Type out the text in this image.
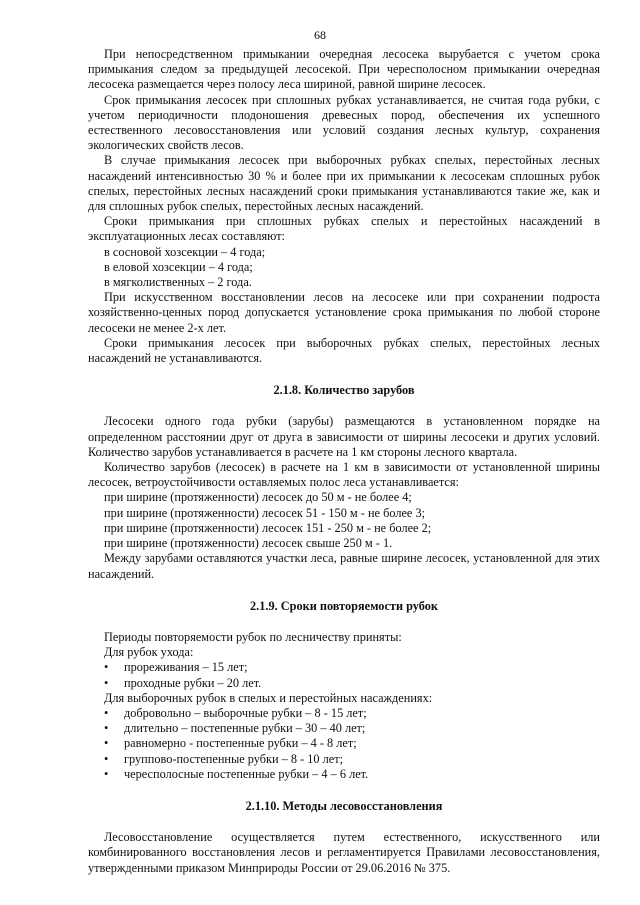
68

При непосредственном примыкании очередная лесосека вырубается с учетом срока примыкания следом за предыдущей лесосекой. При чересполосном примыкании очередная лесосека размещается через полосу леса шириной, равной ширине лесосек.

Срок примыкания лесосек при сплошных рубках устанавливается, не считая года рубки, с учетом периодичности плодоношения древесных пород, обеспечения их успешного естественного лесовосстановления или условий создания лесных культур, сохранения экологических свойств лесов.

В случае примыкания лесосек при выборочных рубках спелых, перестойных лесных насаждений интенсивностью 30 % и более при их примыкании к лесосекам сплошных рубок спелых, перестойных лесных насаждений сроки примыкания устанавливаются такие же, как и для сплошных рубок спелых, перестойных лесных насаждений.

Сроки примыкания при сплошных рубках спелых и перестойных насаждений в эксплуатационных лесах составляют:

в сосновой хозсекции – 4 года;
в еловой хозсекции – 4 года;
в мягколиственных – 2 года.

При искусственном восстановлении лесов на лесосеке или при сохранении подроста хозяйственно-ценных пород допускается установление срока примыкания по любой стороне лесосеки не менее 2-х лет.

Сроки примыкания лесосек при выборочных рубках спелых, перестойных лесных насаждений не устанавливаются.

2.1.8. Количество зарубов

Лесосеки одного года рубки (зарубы) размещаются в установленном порядке на определенном расстоянии друг от друга в зависимости от ширины лесосеки и других условий. Количество зарубов устанавливается в расчете на 1 км стороны лесного квартала.

Количество зарубов (лесосек) в расчете на 1 км в зависимости от установленной ширины лесосек, ветроустойчивости оставляемых полос леса устанавливается:

при ширине (протяженности) лесосек до 50 м - не более 4;
при ширине (протяженности) лесосек 51 - 150 м - не более 3;
при ширине (протяженности) лесосек 151 - 250 м - не более 2;
при ширине (протяженности) лесосек свыше 250 м - 1.

Между зарубами оставляются участки леса, равные ширине лесосек, установленной для этих насаждений.

2.1.9. Сроки повторяемости рубок
Периоды повторяемости рубок по лесничеству приняты:
Для рубок ухода:
• прореживания – 15 лет;
• проходные рубки – 20 лет.
Для выборочных рубок в спелых и перестойных насаждениях:
• добровольно – выборочные рубки – 8 - 15 лет;
• длительно – постепенные рубки – 30 – 40 лет;
• равномерно - постепенные рубки – 4 - 8 лет;
• группово-постепенные рубки – 8 - 10 лет;
• чересполосные постепенные рубки – 4 – 6 лет.
2.1.10. Методы лесовосстановления

Лесовосстановление осуществляется путем естественного, искусственного или комбинированного восстановления лесов и регламентируется Правилами лесовосстановления, утвержденными приказом Минприроды России от 29.06.2016 № 375.
